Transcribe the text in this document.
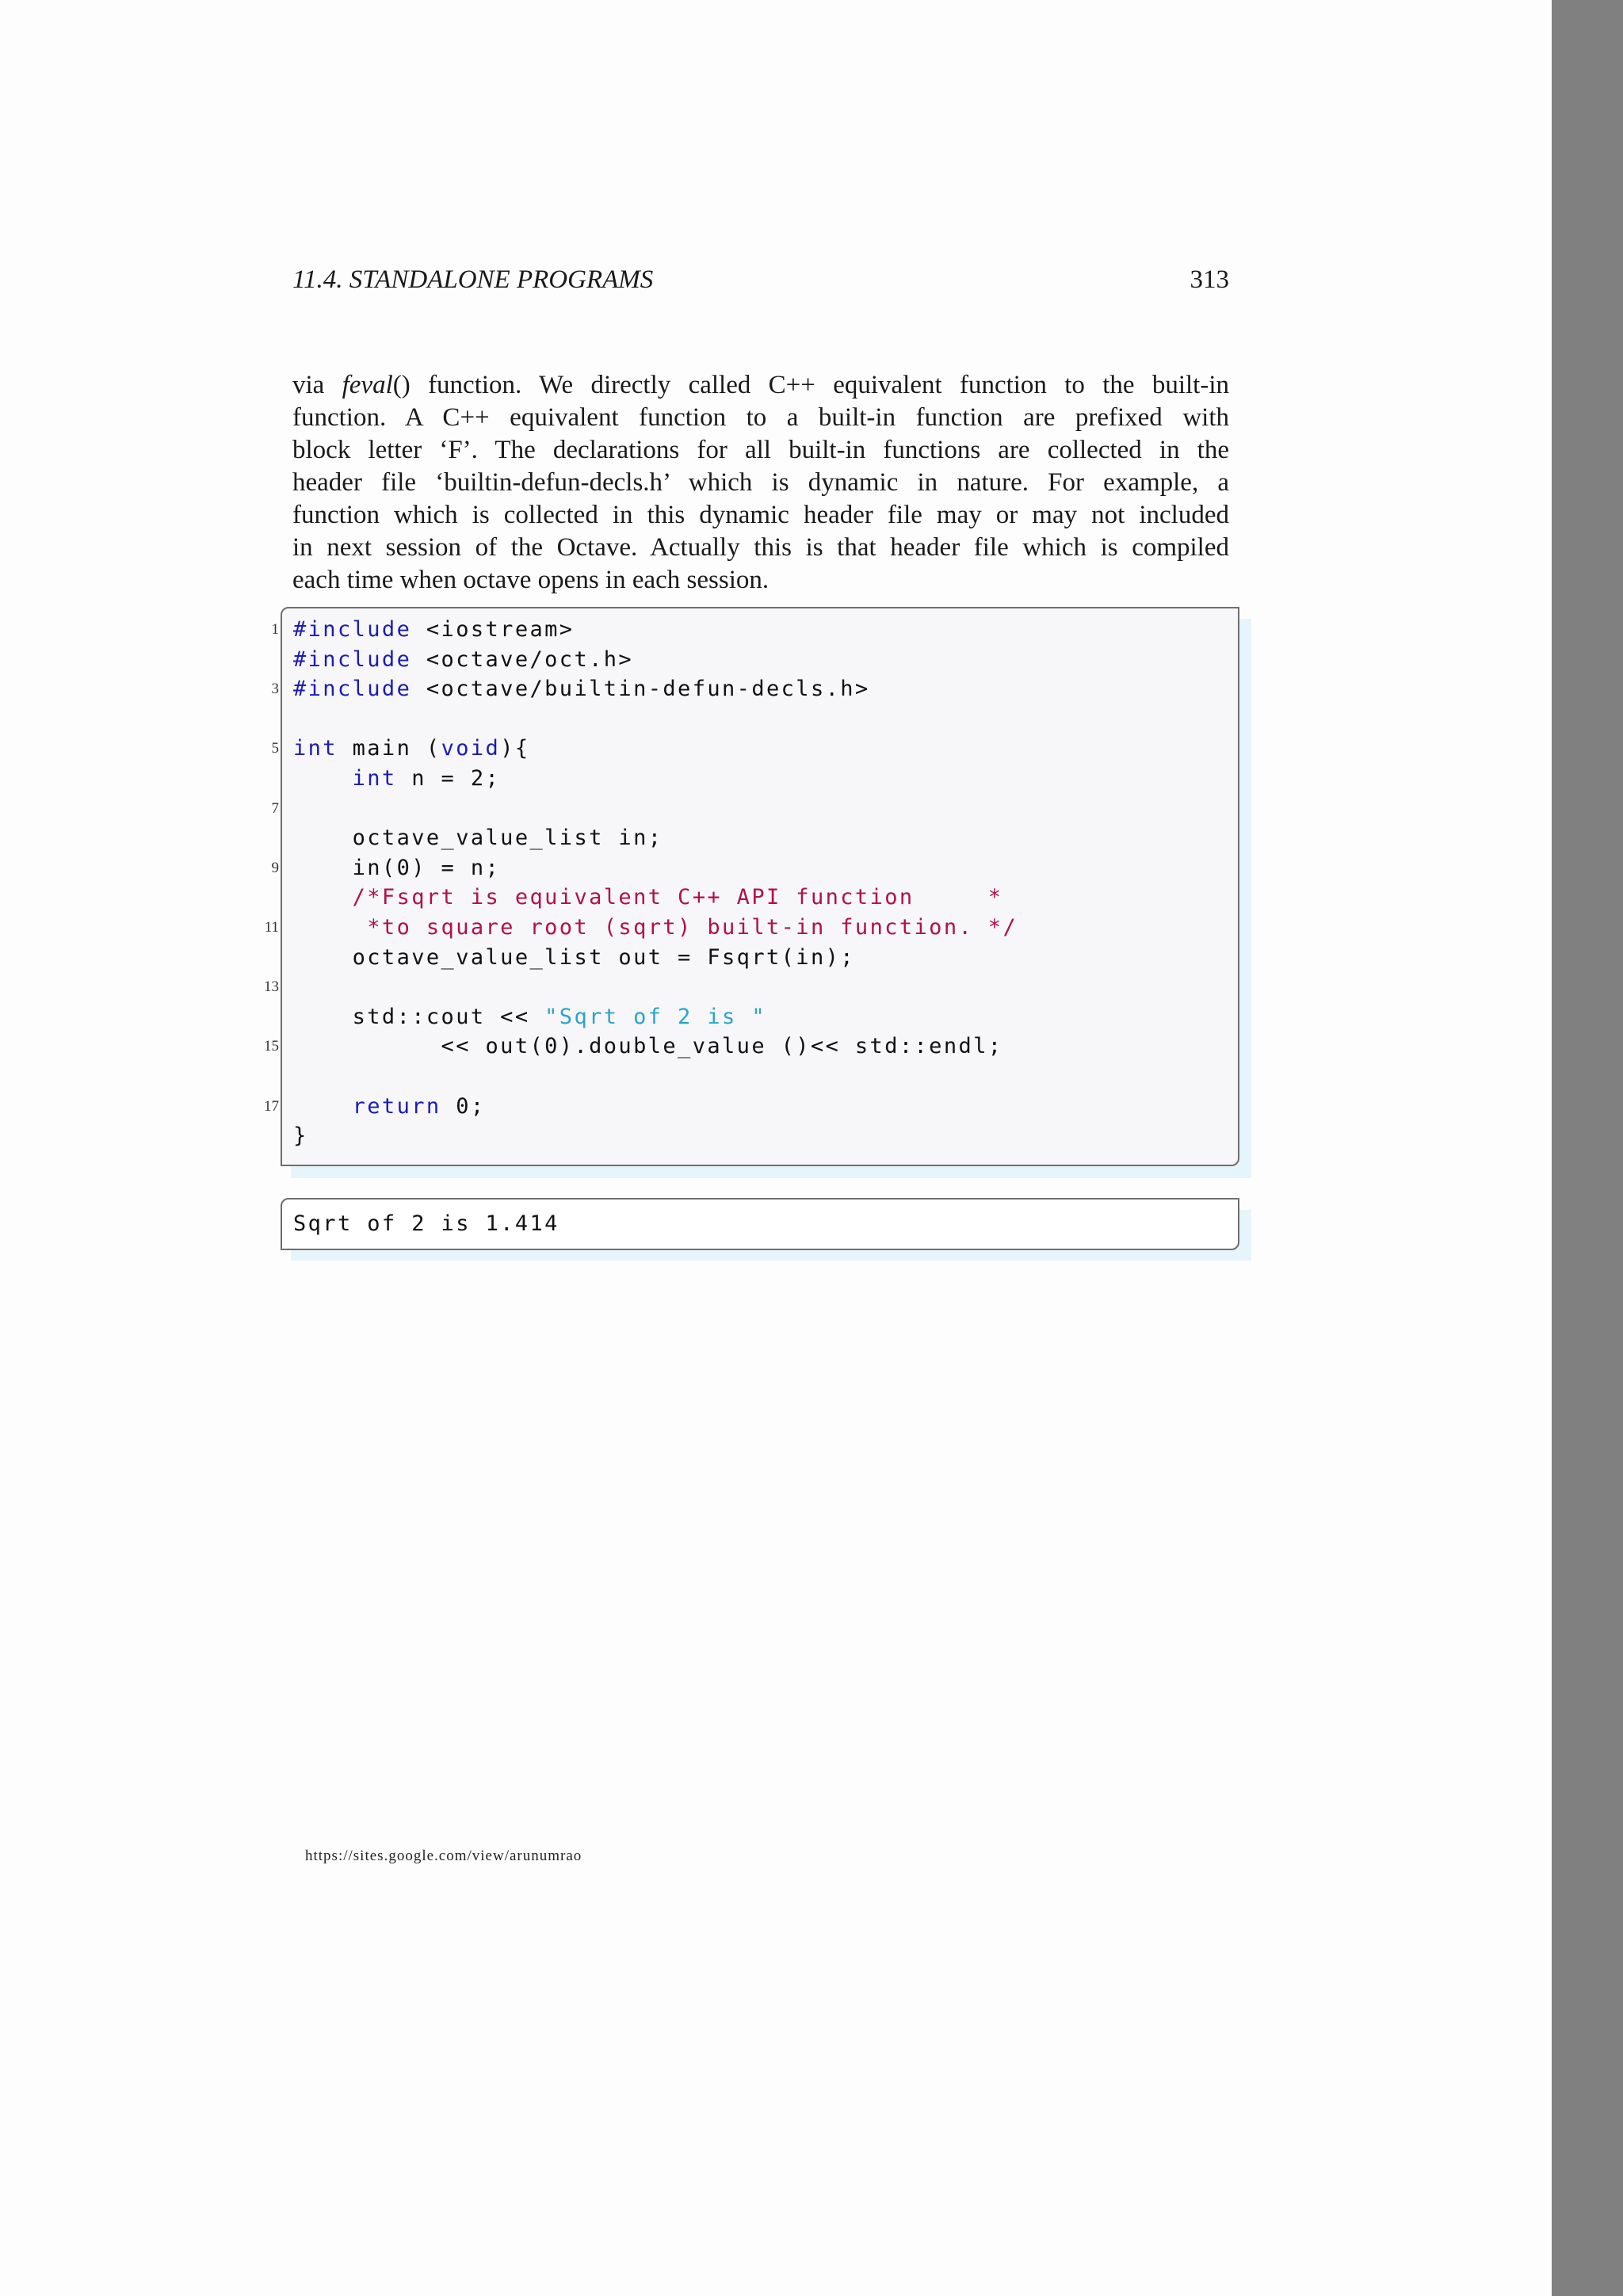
11.4. STANDALONE PROGRAMS	313

via feval() function. We directly called C++ equivalent function to the built-in
function. A C++ equivalent function to a built-in function are prefixed with
block letter ‘F’. The declarations for all built-in functions are collected in the
header file ‘builtin-defun-decls.h’ which is dynamic in nature. For example, a
function which is collected in this dynamic header file may or may not included
in next session of the Octave. Actually this is that header file which is compiled
each time when octave opens in each session.

1 #include <iostream>
#include <octave/oct.h>
3 #include <octave/builtin-defun-decls.h>
5 int main (void){
int n = 2;
7
octave_value_list in;
9 in(0) = n;
/*Fsqrt is equivalent C++ API function     *
11	*to square root (sqrt) built-in function. */
octave_value_list out = Fsqrt(in);
13
std::cout << "Sqrt of 2 is "
15 << out(0).double_value ()<< std::endl;
17	return 0;
}
Sqrt of 2 is 1.414
https://sites.google.com/view/arunumrao
